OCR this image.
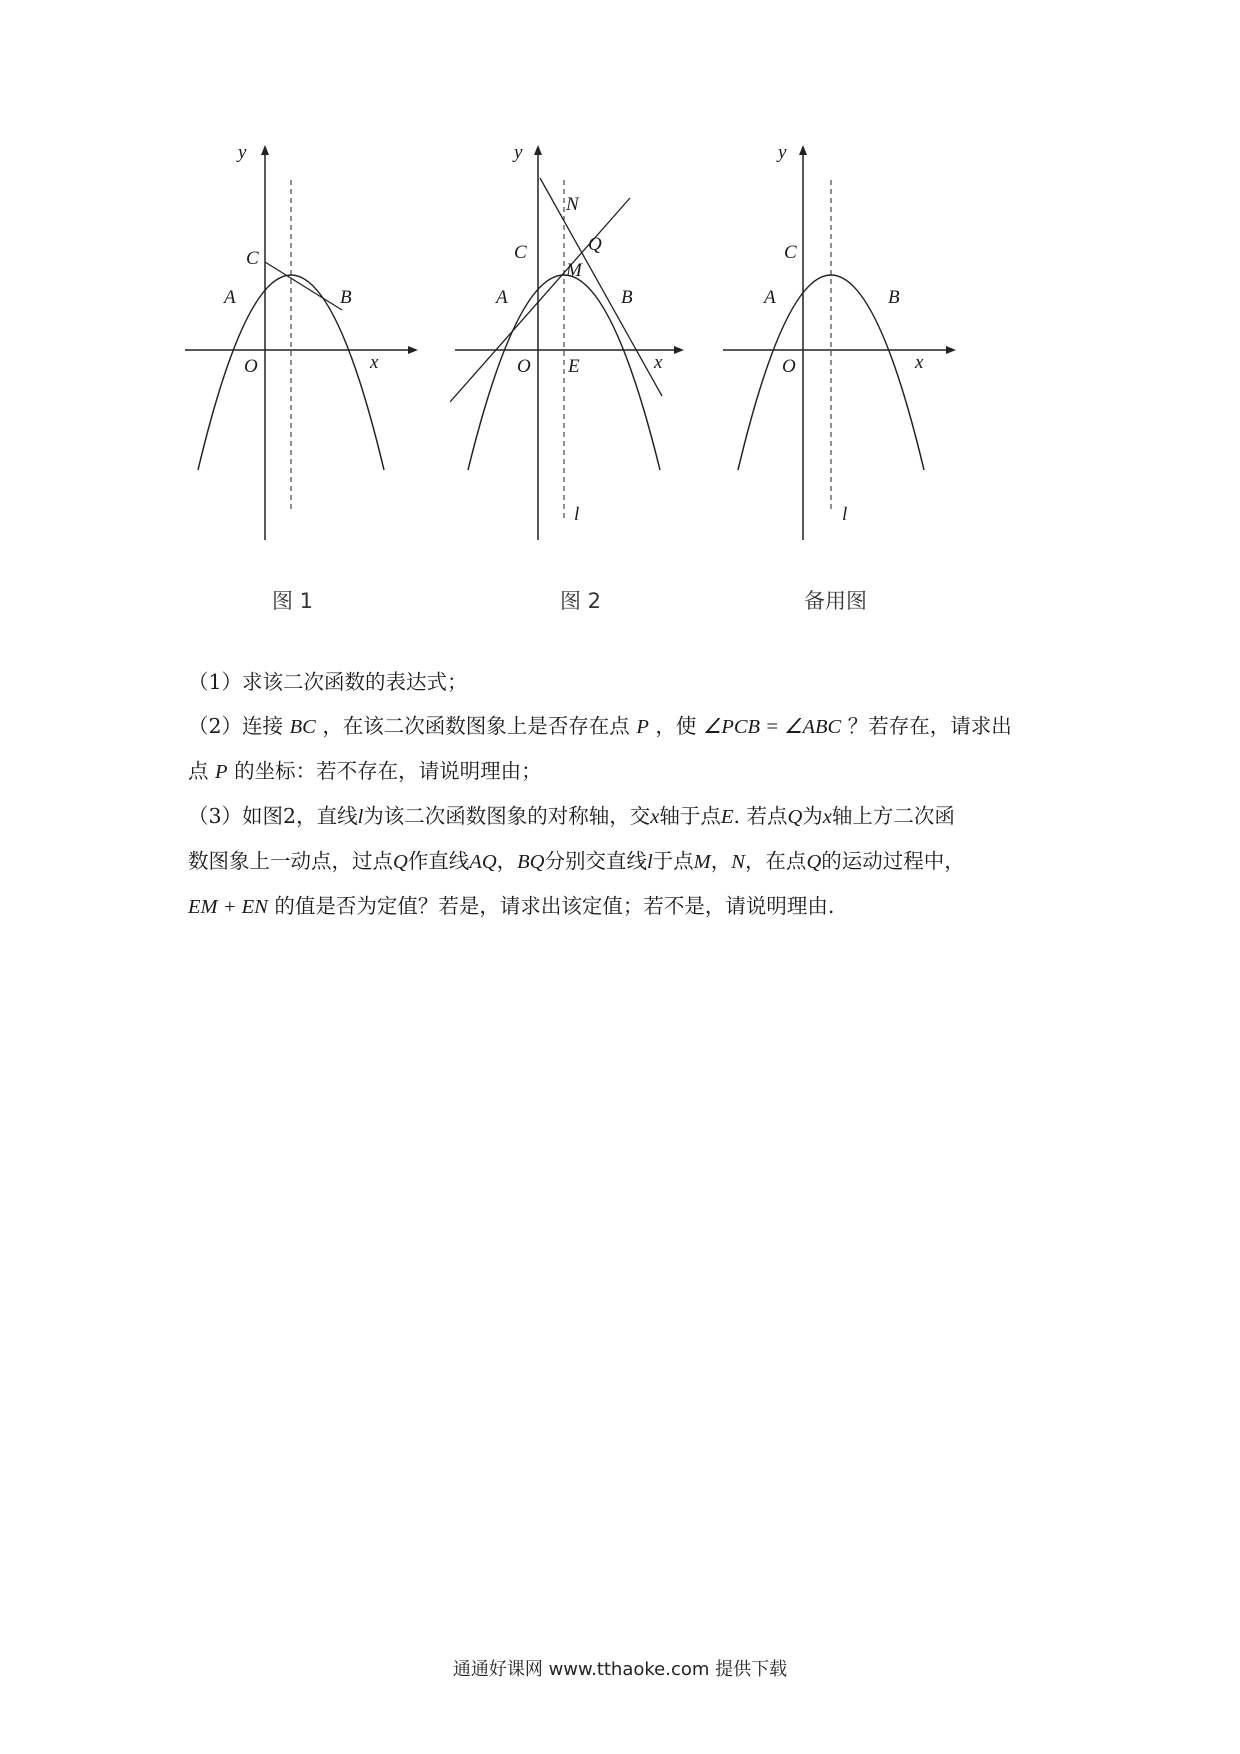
y
x
C
A	B
O
y
x
N
C	Q
M
A	B
O E
l
y
x
C
A	B
O
l
图 1	图 2	备用图

（1）求该二次函数的表达式；

（2）连接 BC ，在该二次函数图象上是否存在点 P ，使 ∠PCB = ∠ABC ？若存在，请求出
点 P 的坐标：若不存在，请说明理由；

（3）如图2，直线l为该二次函数图象的对称轴，交x轴于点E. 若点Q为x轴上方二次函
数图象上一动点，过点Q作直线AQ，BQ分别交直线l于点M，N，在点Q的运动过程中，
EM + EN 的值是否为定值？若是，请求出该定值；若不是，请说明理由.

通通好课网 www.tthaoke.com 提供下载
